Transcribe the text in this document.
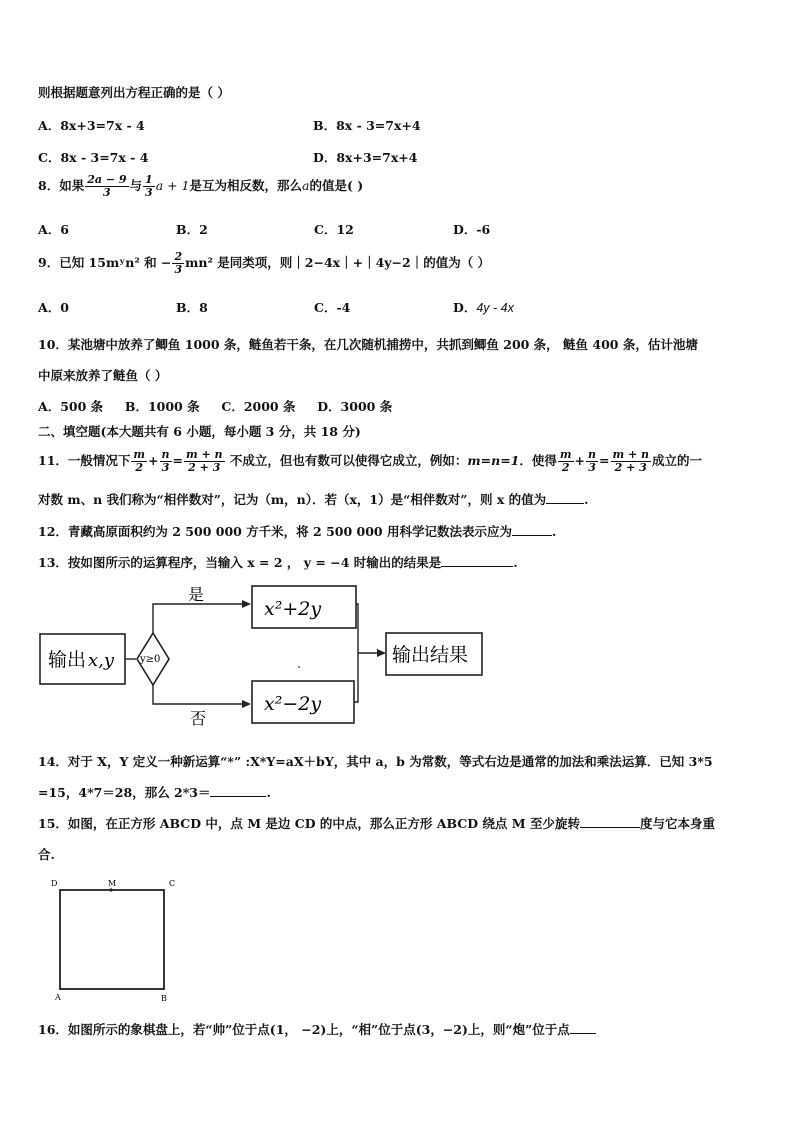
则根据题意列出方程正确的是（ ）
A．8x+3=7x - 4	B．8x - 3=7x+4
C．8x - 3=7x - 4	D．8x+3=7x+4
8．如果 $\frac{2a - 9}{3}$ 与 $\frac{1}{3}$ a + 1是互为相反数，那么a的值是( )
A．6	B．2	C．12	D．-6
9．已知 15mʸn² 和 − $\frac{2}{3} mn^2$ 是同类项，则｜2−4x｜+｜4y−2｜的值为（ ）
A．0	B．8	C．-4	D．4y - 4x
10．某池塘中放养了鲫鱼 1000 条，鲢鱼若干条，在几次随机捕捞中，共抓到鲫鱼 200 条， 鲢鱼 400 条，估计池塘
中原来放养了鲢鱼（ ）
A．500 条     B．1000 条     C．2000 条     D．3000 条
二、填空题(本大题共有 6 小题，每小题 3 分，共 18 分)
11．一般情况下 $\frac{m}{2} + \frac{n}{3} = \frac{m + n}{2 + 3}$ 不成立，但也有数可以使得它成立，例如：m=n=1．使得 $\frac{m}{2} + \frac{n}{3} = \frac{m + n}{2 + 3}$ 成立的一
对数 m、n 我们称为“相伴数对”，记为（m，n）．若（x，1）是“相伴数对”，则 x 的值为	.
12．青藏高原面积约为 2 500 000 方千米，将 2 500 000 用科学记数法表示应为	.
13．按如图所示的运算程序，当输入 x = 2 ， y = −4 时输出的结果是	.
输出 x,y	y≥0
是
x²+2y
否
x²−2y
输出结果
14．对于 X，Y 定义一种新运算“*” :X*Y=aX＋bY，其中 a，b 为常数，等式右边是通常的加法和乘法运算．已知 3*5
=15，4*7＝28，那么 2*3＝	.
15．如图，在正方形 ABCD 中，点 M 是边 CD 的中点，那么正方形 ABCD 绕点 M 至少旋转	度与它本身重
合.
D	M	C
A	B
16．如图所示的象棋盘上，若“帅”位于点(1， −2)上，“相”位于点(3，−2)上，则“炮”位于点
